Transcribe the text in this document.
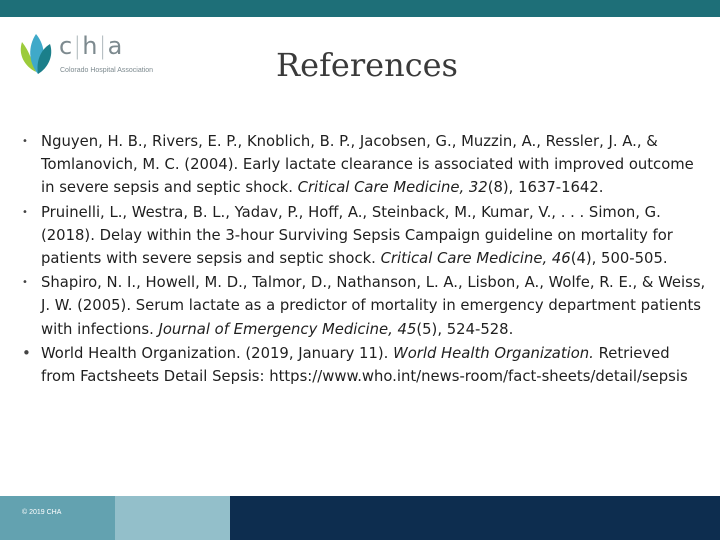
c|h|a
Colorado Hospital Association	References
• Nguyen, H. B., Rivers, E. P., Knoblich, B. P., Jacobsen, G., Muzzin, A., Ressler, J. A., & Tomlanovich, M. C. (2004). Early lactate clearance is associated with improved outcome in severe sepsis and septic shock. Critical Care Medicine, 32(8), 1637-1642.
• Pruinelli, L., Westra, B. L., Yadav, P., Hoff, A., Steinback, M., Kumar, V., . . . Simon, G. (2018). Delay within the 3-hour Surviving Sepsis Campaign guideline on mortality for patients with severe sepsis and septic shock. Critical Care Medicine, 46(4), 500-505.
• Shapiro, N. I., Howell, M. D., Talmor, D., Nathanson, L. A., Lisbon, A., Wolfe, R. E., & Weiss, J. W. (2005). Serum lactate as a predictor of mortality in emergency department patients with infections. Journal of Emergency Medicine, 45(5), 524-528.
• World Health Organization. (2019, January 11). World Health Organization. Retrieved from Factsheets Detail Sepsis: https://www.who.int/news-room/fact-sheets/detail/sepsis
© 2019 CHA
